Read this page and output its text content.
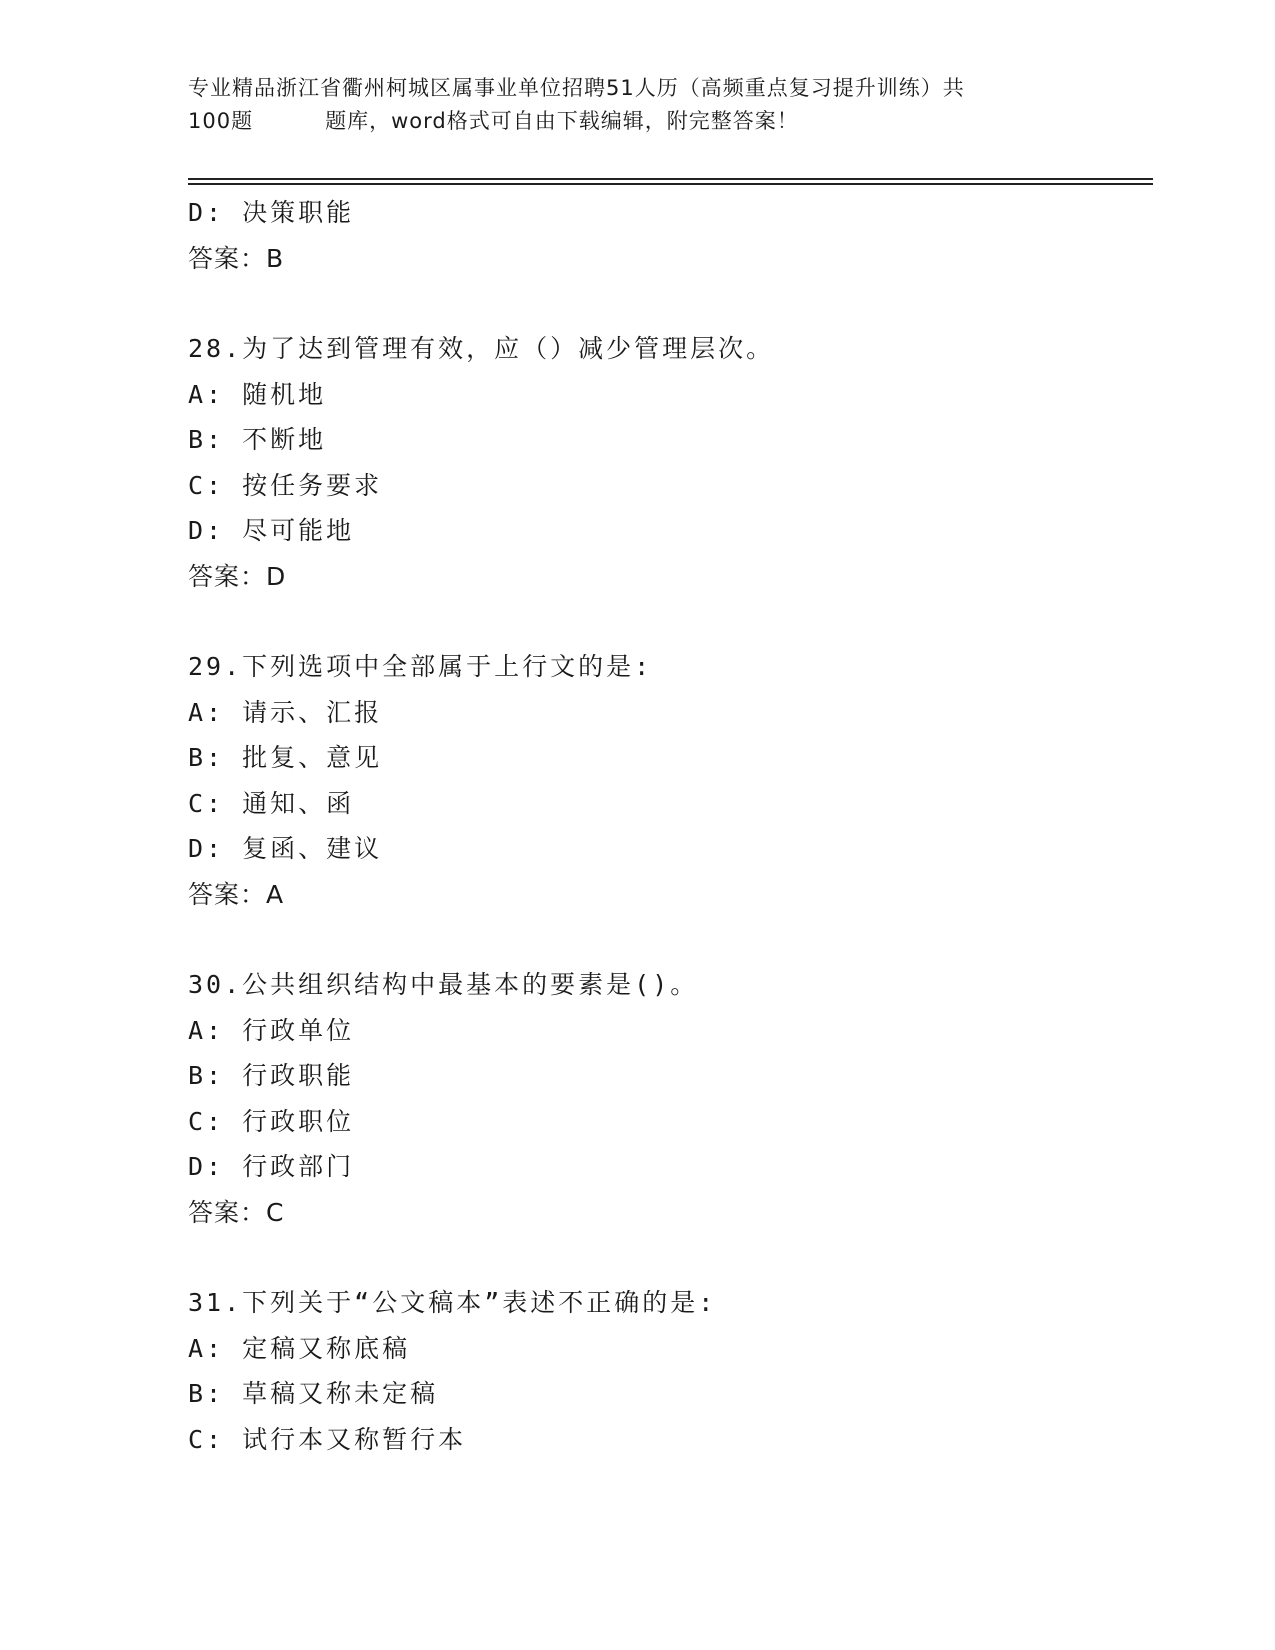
专业精品浙江省衢州柯城区属事业单位招聘51人历（高频重点复习提升训练）共
100题	题库，word格式可自由下载编辑，附完整答案！
D: 决策职能
答案：B
28.为了达到管理有效，应（）减少管理层次。
A: 随机地
B: 不断地
C: 按任务要求
D: 尽可能地
答案：D
29.下列选项中全部属于上行文的是:
A: 请示、汇报
B: 批复、意见
C: 通知、函
D: 复函、建议
答案：A
30.公共组织结构中最基本的要素是()。
A: 行政单位
B: 行政职能
C: 行政职位
D: 行政部门
答案：C
31.下列关于“公文稿本”表述不正确的是:
A: 定稿又称底稿
B: 草稿又称未定稿
C: 试行本又称暂行本
